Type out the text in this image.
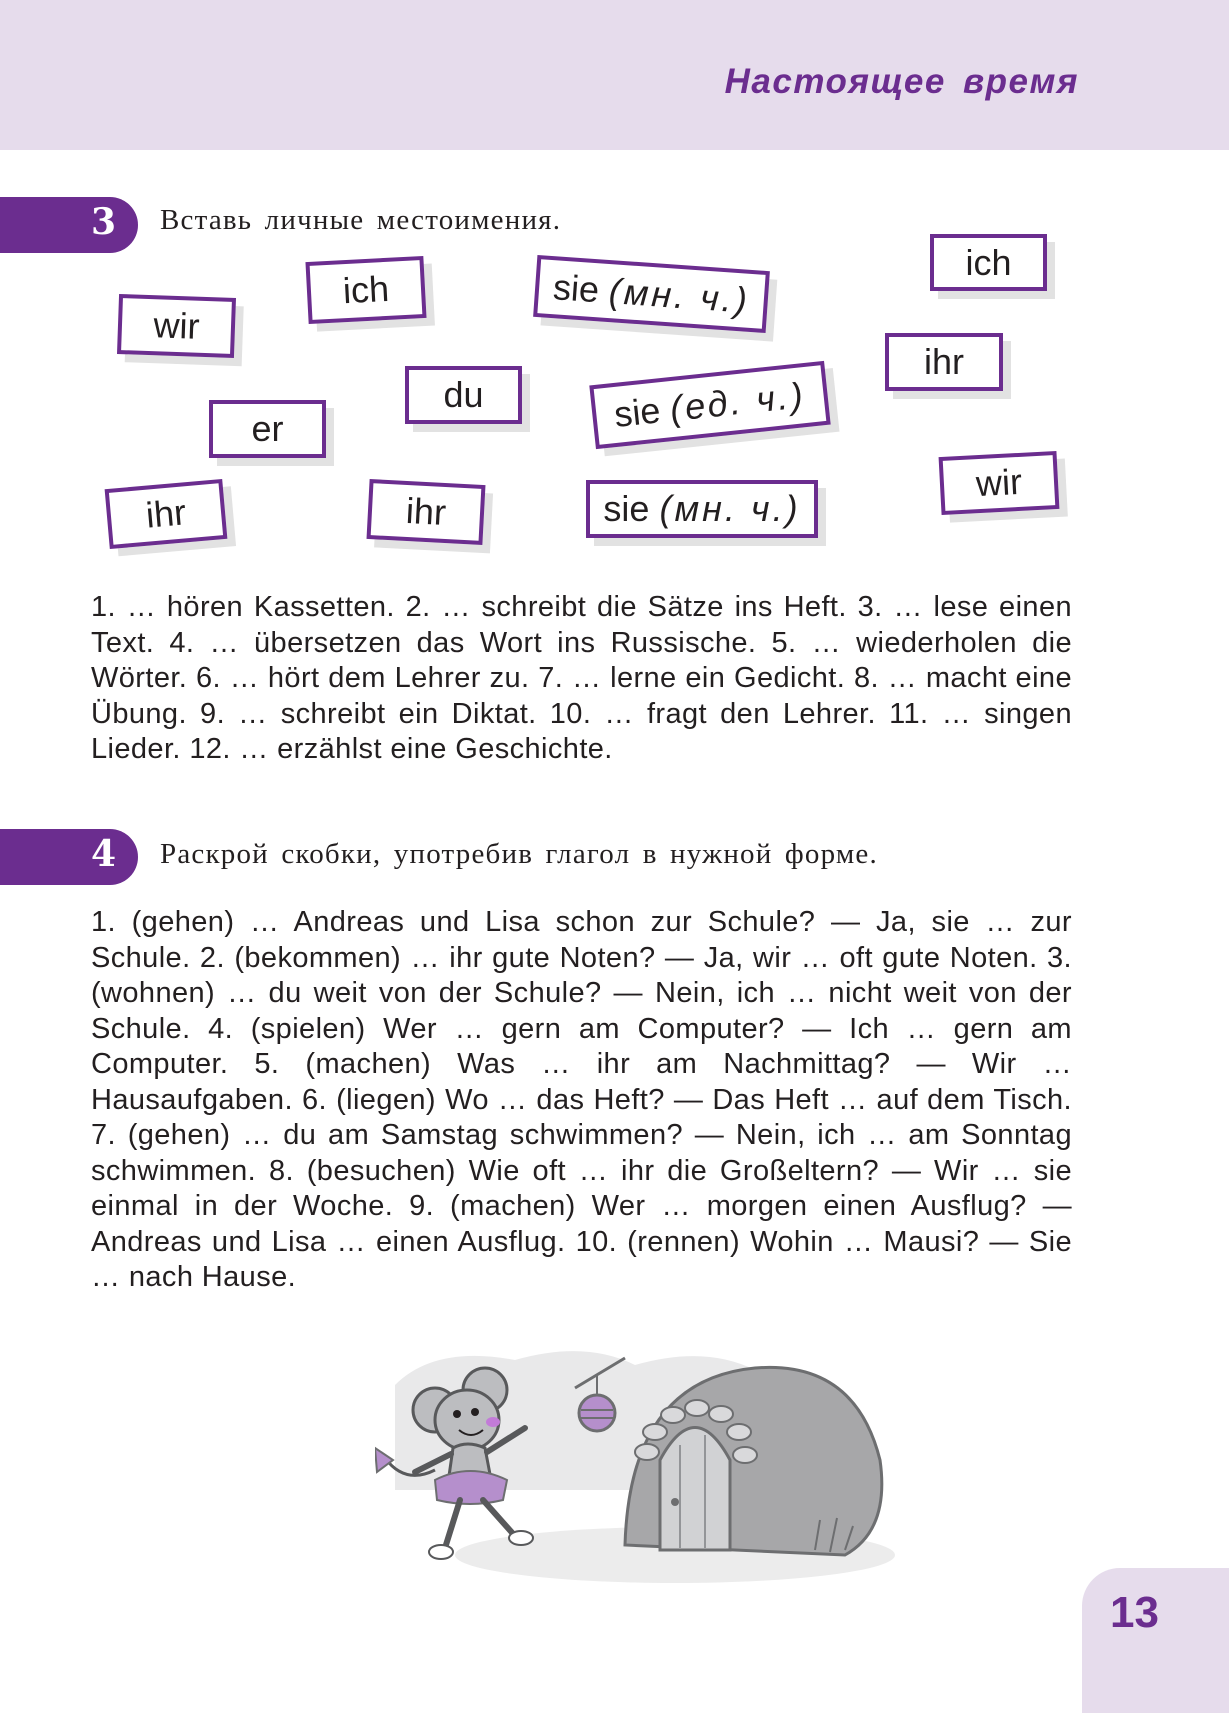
Настоящее время
3 Вставь личные местоимения.
wir
ich	sie (мн. ч.)
ich
ihr
du
er	sie (ед. ч.)
ihr	ihr	sie (мн. ч.)
wir
1. … hören Kassetten. 2. … schreibt die Sätze ins Heft. 3. … lese einen Text. 4. … übersetzen das Wort ins Russische. 5. … wiederholen die Wörter. 6. … hört dem Lehrer zu. 7. … lerne ein Gedicht. 8. … macht eine Übung. 9. … schreibt ein Diktat. 10. … fragt den Lehrer. 11. … singen Lieder. 12. … erzählst eine Geschichte.
4 Раскрой скобки, употребив глагол в нужной форме.
1. (gehen) … Andreas und Lisa schon zur Schule? — Ja, sie … zur Schule. 2. (bekommen) … ihr gute Noten? — Ja, wir … oft gute Noten. 3. (wohnen) … du weit von der Schule? — Nein, ich … nicht weit von der Schule. 4. (spielen) Wer … gern am Computer? — Ich … gern am Computer. 5. (machen) Was … ihr am Nachmittag? — Wir … Hausaufgaben. 6. (liegen) Wo … das Heft? — Das Heft … auf dem Tisch. 7. (gehen) … du am Samstag schwimmen? — Nein, ich … am Sonntag schwimmen. 8. (besuchen) Wie oft … ihr die Großeltern? — Wir … sie einmal in der Woche. 9. (machen) Wer … morgen einen Ausflug? — Andreas und Lisa … einen Ausflug. 10. (rennen) Wohin … Mausi? — Sie … nach Hause.
13
